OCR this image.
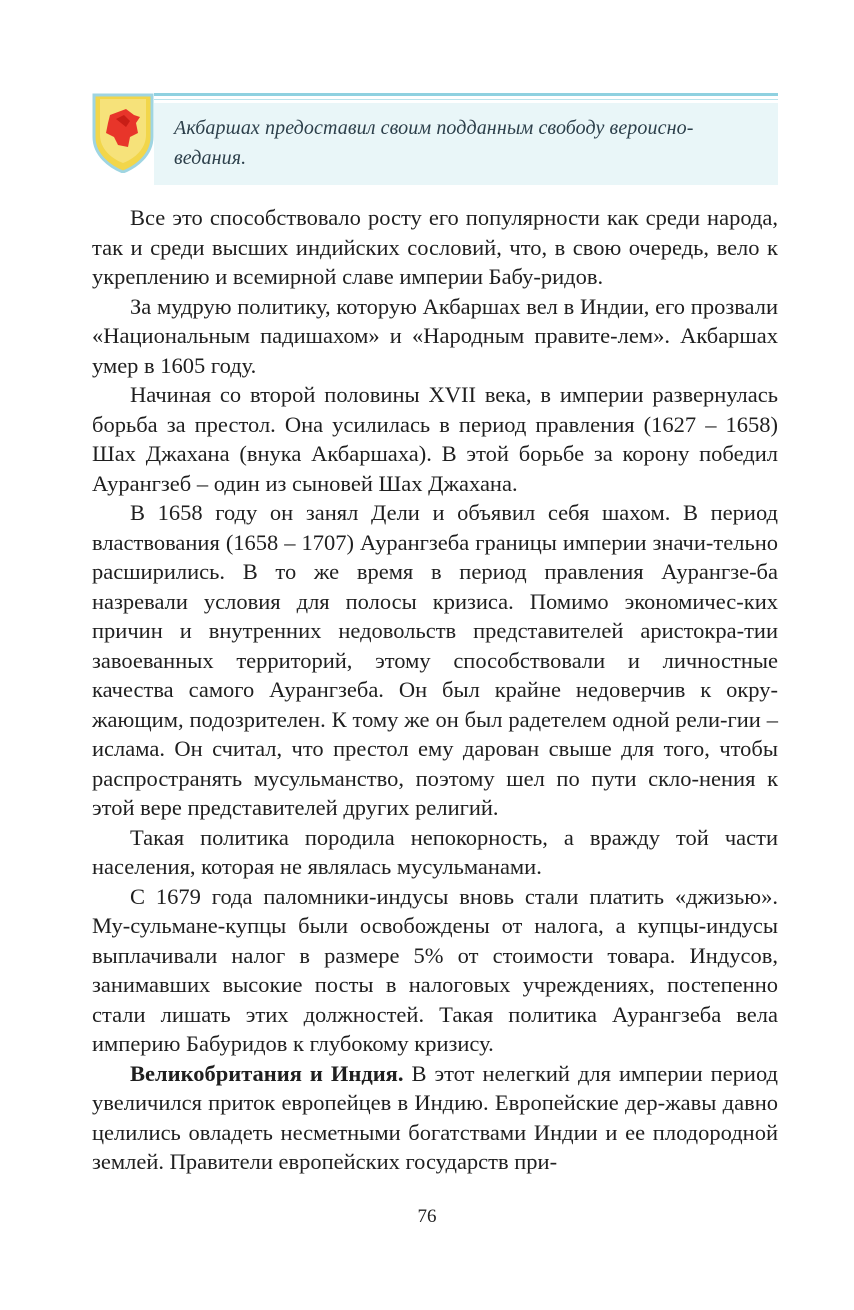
Акбаршах предоставил своим подданным свободу вероисно-ведания.

Все это способствовало росту его популярности как среди народа, так и среди высших индийских сословий, что, в свою очередь, вело к укреплению и всемирной славе империи Бабу-ридов.

За мудрую политику, которую Акбаршах вел в Индии, его прозвали «Национальным падишахом» и «Народным правите-лем». Акбаршах умер в 1605 году.

Начиная со второй половины XVII века, в империи развернулась борьба за престол. Она усилилась в период правления (1627 – 1658) Шах Джахана (внука Акбаршаха). В этой борьбе за корону победил Аурангзеб – один из сыновей Шах Джахана.

В 1658 году он занял Дели и объявил себя шахом. В период властвования (1658 – 1707) Аурангзеба границы империи значи-тельно расширились. В то же время в период правления Аурангзе-ба назревали условия для полосы кризиса. Помимо экономичес-ких причин и внутренних недовольств представителей аристокра-тии завоеванных территорий, этому способствовали и личностные качества самого Аурангзеба. Он был крайне недоверчив к окру-жающим, подозрителен. К тому же он был радетелем одной рели-гии – ислама. Он считал, что престол ему дарован свыше для того, чтобы распространять мусульманство, поэтому шел по пути скло-нения к этой вере представителей других религий.

Такая политика породила непокорность, а вражду той части населения, которая не являлась мусульманами.

С 1679 года паломники-индусы вновь стали платить «джизью». Му-сульмане-купцы были освобождены от налога, а купцы-индусы выплачивали налог в размере 5% от стоимости товара. Индусов, занимавших высокие посты в налоговых учреждениях, постепенно стали лишать этих должностей. Такая политика Аурангзеба вела империю Бабуридов к глубокому кризису.

Великобритания и Индия. В этот нелегкий для империи период увеличился приток европейцев в Индию. Европейские дер-жавы давно целились овладеть несметными богатствами Индии и ее плодородной землей. Правители европейских государств при-

76
